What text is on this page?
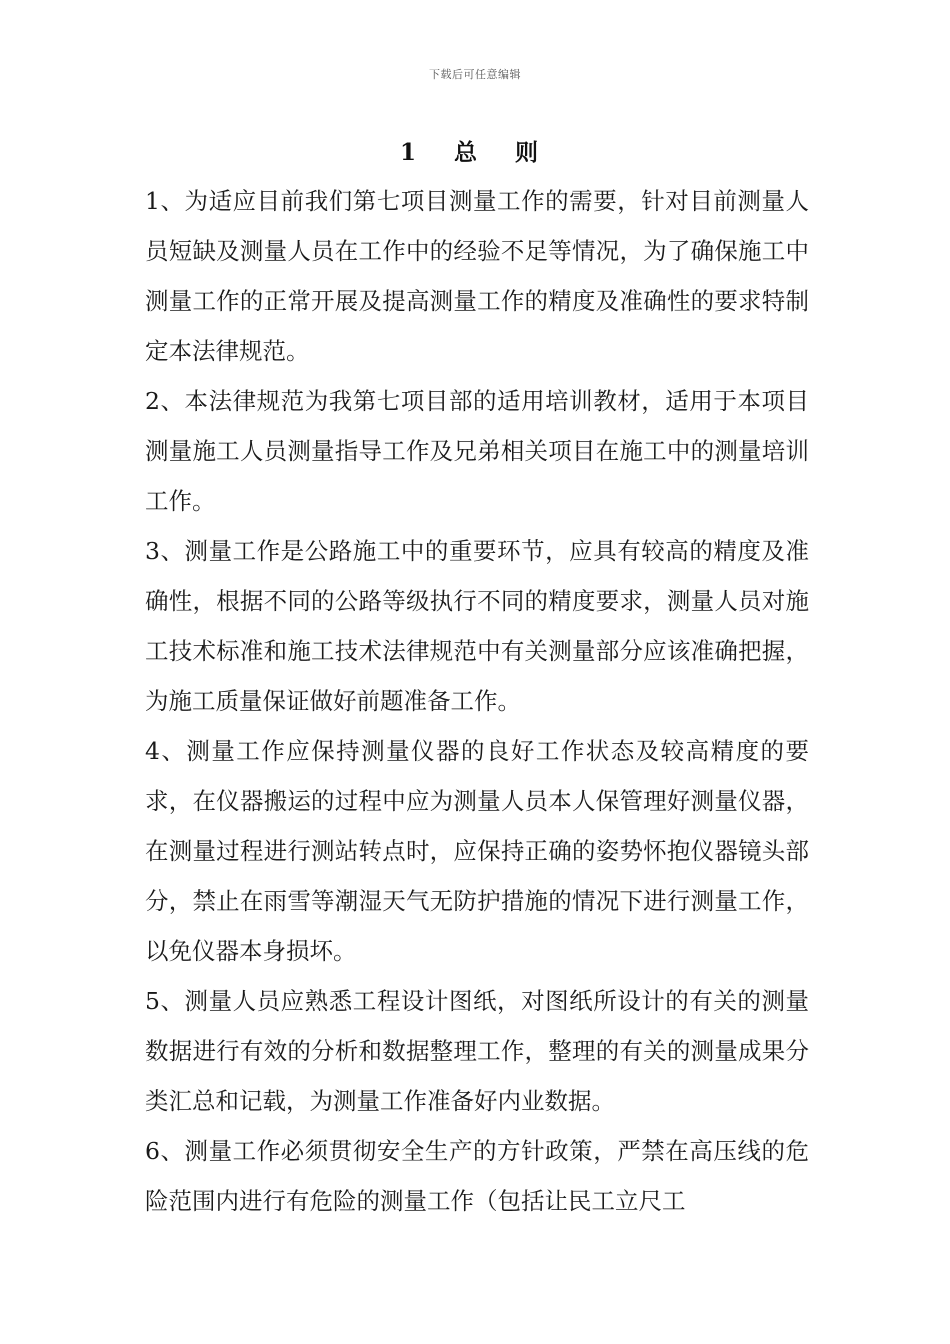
下载后可任意编辑
1 总 则

1、为适应目前我们第七项目测量工作的需要，针对目前测量人员短缺及测量人员在工作中的经验不足等情况，为了确保施工中测量工作的正常开展及提高测量工作的精度及准确性的要求特制定本法律规范。

2、本法律规范为我第七项目部的适用培训教材，适用于本项目测量施工人员测量指导工作及兄弟相关项目在施工中的测量培训工作。

3、测量工作是公路施工中的重要环节，应具有较高的精度及准确性，根据不同的公路等级执行不同的精度要求，测量人员对施工技术标准和施工技术法律规范中有关测量部分应该准确把握，为施工质量保证做好前题准备工作。

4、测量工作应保持测量仪器的良好工作状态及较高精度的要求，在仪器搬运的过程中应为测量人员本人保管理好测量仪器，在测量过程进行测站转点时，应保持正确的姿势怀抱仪器镜头部分，禁止在雨雪等潮湿天气无防护措施的情况下进行测量工作，以免仪器本身损坏。

5、测量人员应熟悉工程设计图纸，对图纸所设计的有关的测量数据进行有效的分析和数据整理工作，整理的有关的测量成果分类汇总和记载，为测量工作准备好内业数据。

6、测量工作必须贯彻安全生产的方针政策，严禁在高压线的危险范围内进行有危险的测量工作（包括让民工立尺工
